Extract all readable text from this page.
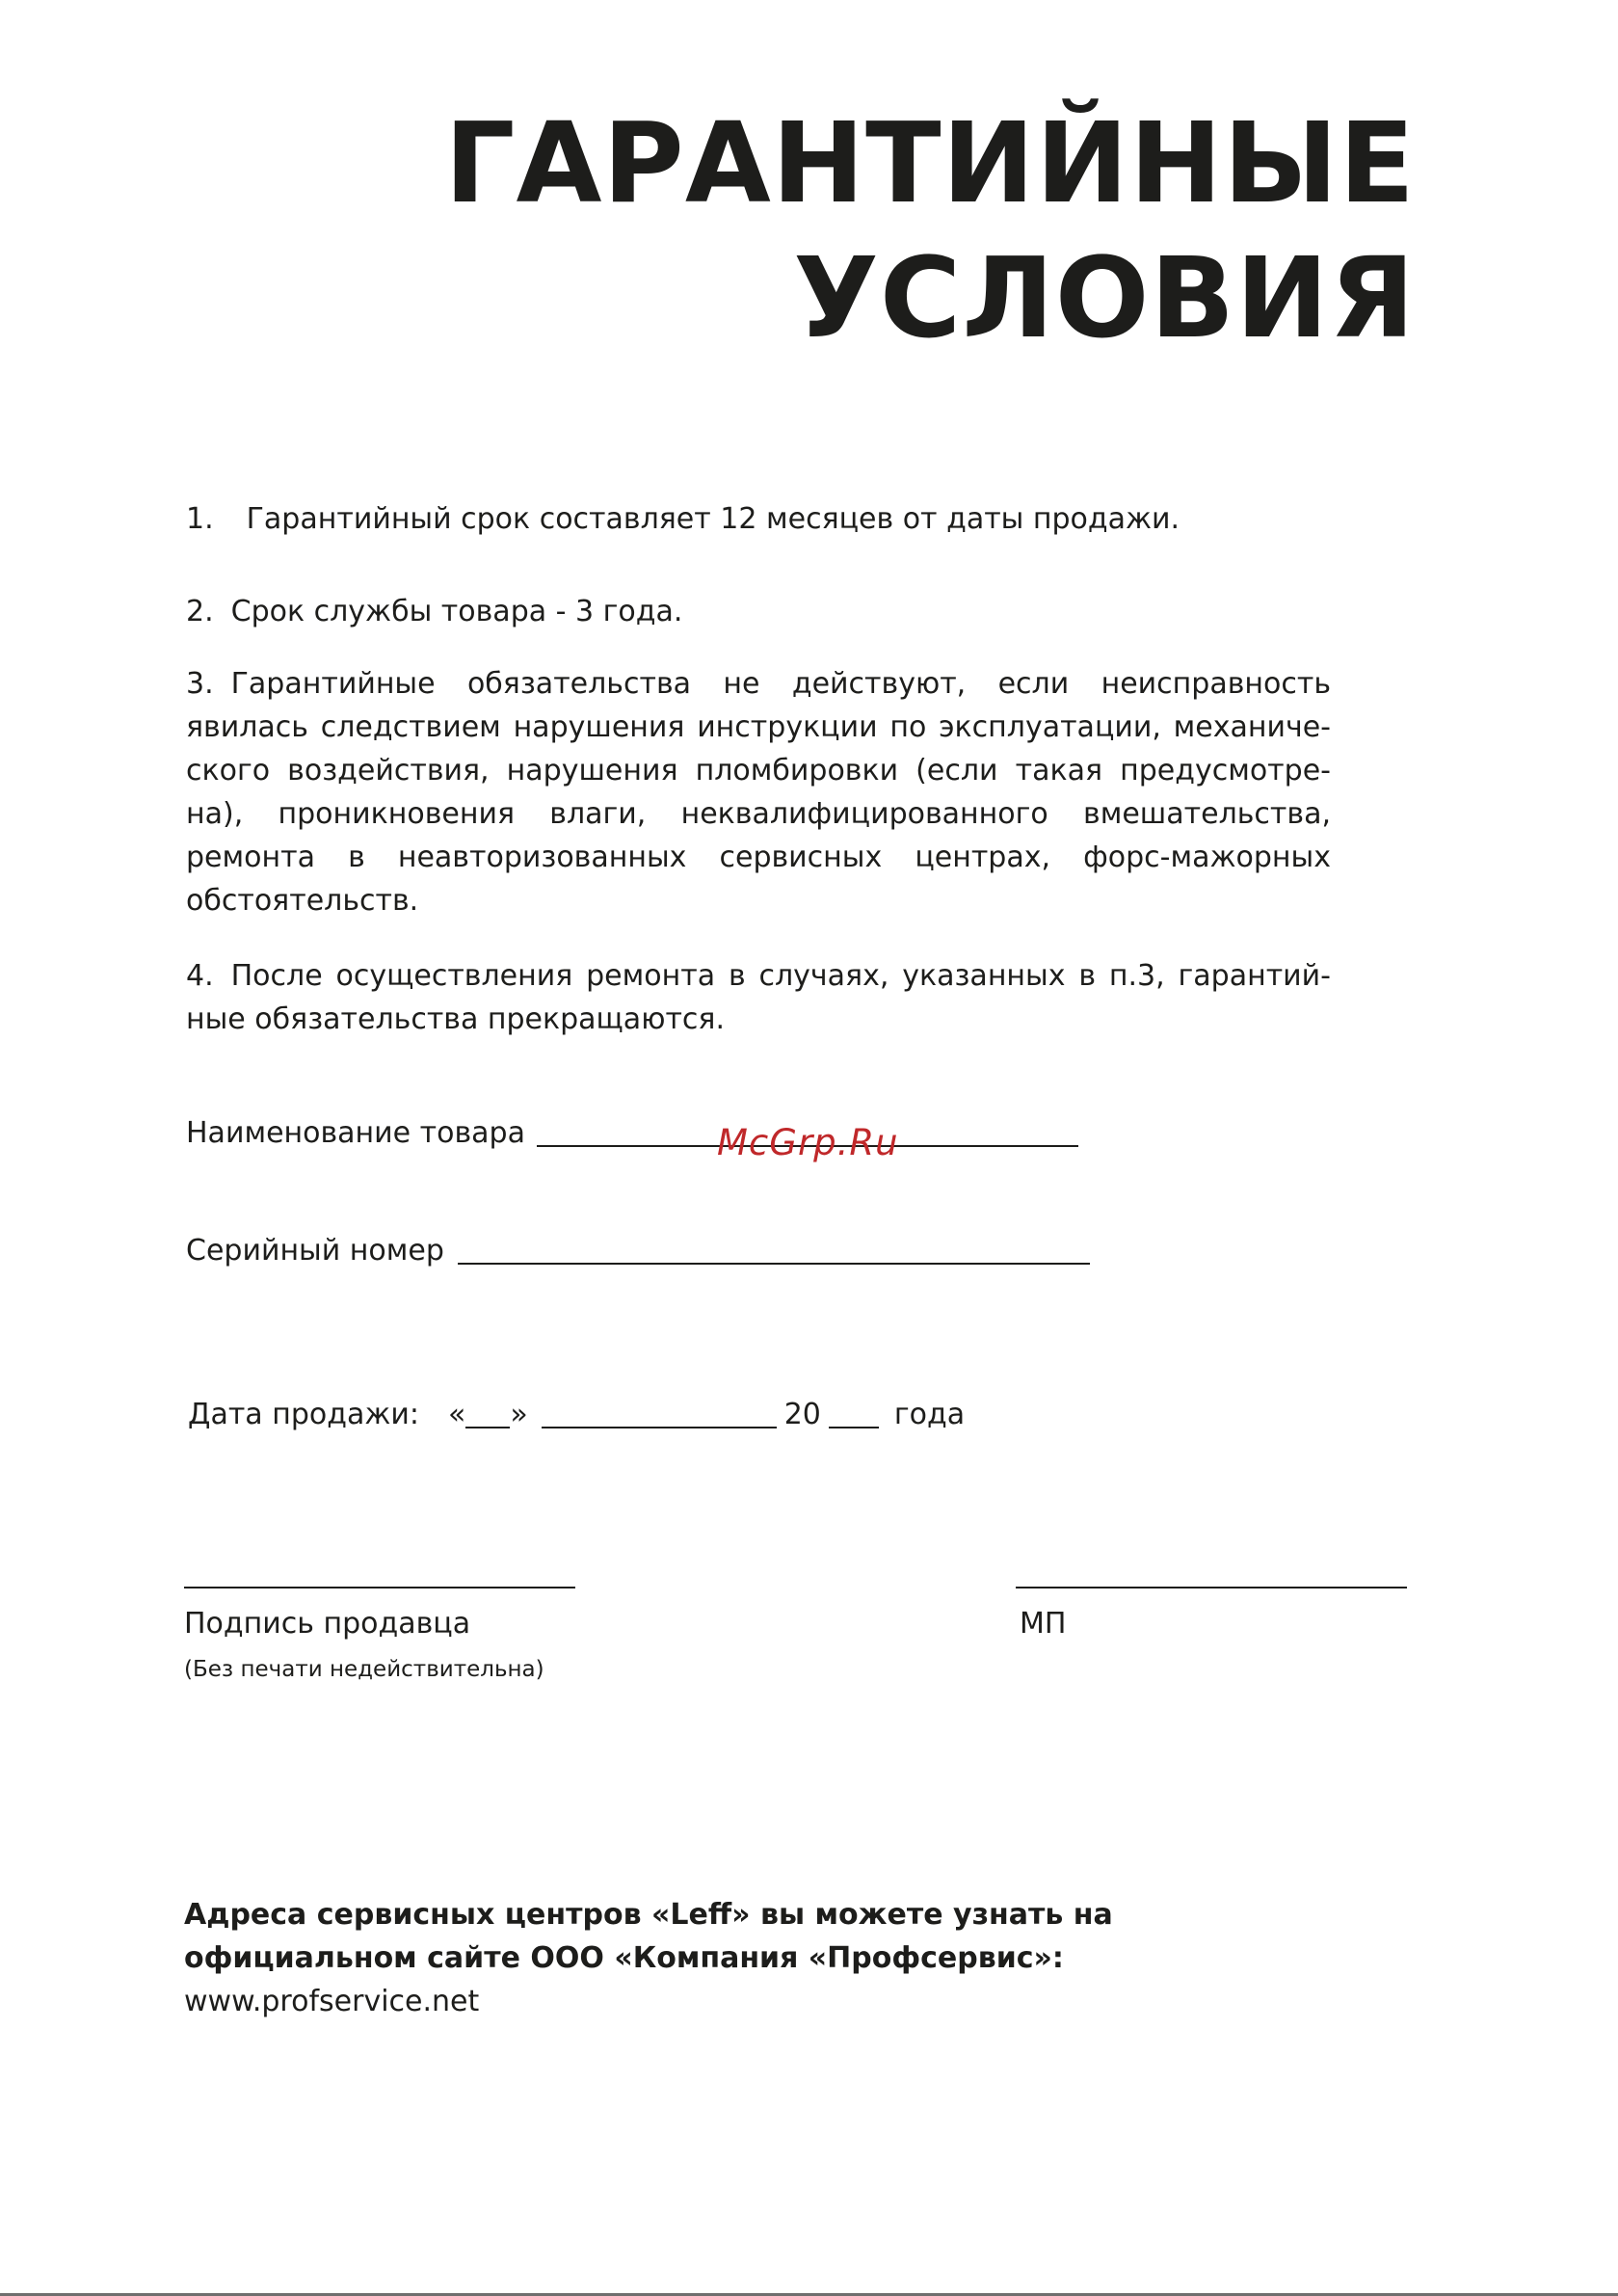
ГАРАНТИЙНЫЕ
УСЛОВИЯ
1. Гарантийный срок составляет 12 месяцев от даты продажи.
2. Срок службы товара - 3 года.
3. Гарантийные обязательства не действуют, если неисправность явилась следствием нарушения инструкции по эксплуатации, механиче-ского воздействия, нарушения пломбировки (если такая предусмотре-на), проникновения влаги, неквалифицированного вмешательства, ремонта в неавторизованных сервисных центрах, форс-мажорных обстоятельств.
4. После осуществления ремонта в случаях, указанных в п.3, гарантий-ные обязательства прекращаются.
Наименование товара	McGrp.Ru
Серийный номер
Дата продажи: « »	20	года
Подпись продавца	МП
(Без печати недействительна)
Адреса сервисных центров «Leff» вы можете узнать на официальном сайте ООО «Компания «Профсервис»: www.profservice.net
